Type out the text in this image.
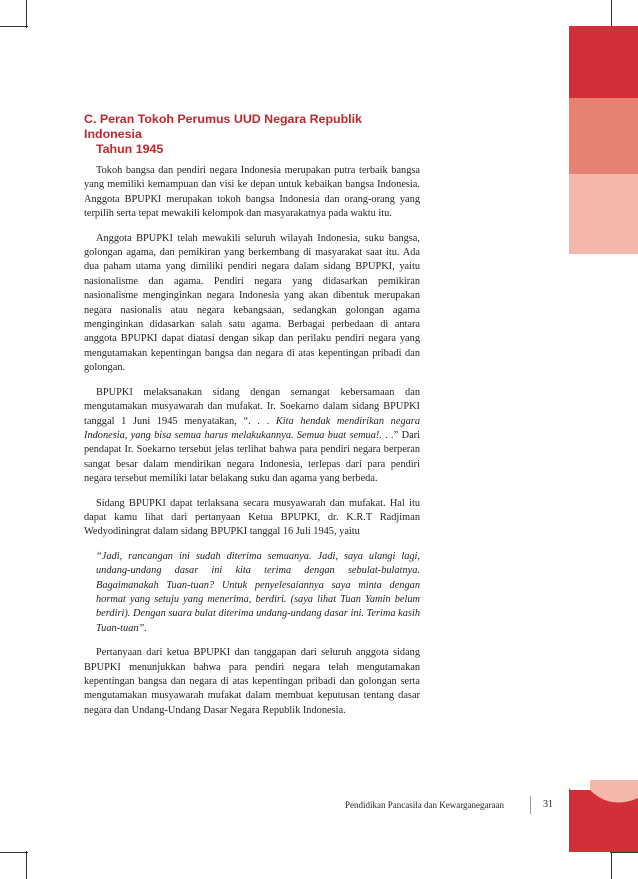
C. Peran Tokoh Perumus UUD Negara Republik Indonesia
Tahun 1945

Tokoh bangsa dan pendiri negara Indonesia merupakan putra terbaik bangsa yang memiliki kemampuan dan visi ke depan untuk kebaikan bangsa Indonesia. Anggota BPUPKI merupakan tokoh bangsa Indonesia dan orang-orang yang terpilih serta tepat mewakili kelompok dan masyarakatnya pada waktu itu.

Anggota BPUPKI telah mewakili seluruh wilayah Indonesia, suku bangsa, golongan agama, dan pemikiran yang berkembang di masyarakat saat itu. Ada dua paham utama yang dimiliki pendiri negara dalam sidang BPUPKI, yaitu nasionalisme dan agama. Pendiri negara yang didasarkan pemikiran nasionalisme menginginkan negara Indonesia yang akan dibentuk merupakan negara nasionalis atau negara kebangsaan, sedangkan golongan agama menginginkan didasarkan salah satu agama. Berbagai perbedaan di antara anggota BPUPKI dapat diatasi dengan sikap dan perilaku pendiri negara yang mengutamakan kepentingan bangsa dan negara di atas kepentingan pribadi dan golongan.

BPUPKI melaksanakan sidang dengan semangat kebersamaan dan mengutamakan musyawarah dan mufakat. Ir. Soekarno dalam sidang BPUPKI tanggal 1 Juni 1945 menyatakan, “. . . Kita hendak mendirikan negara Indonesia, yang bisa semua harus melakukannya. Semua buat semua!. . .” Dari pendapat Ir. Soekarno tersebut jelas terlihat bahwa para pendiri negara berperan sangat besar dalam mendirikan negara Indonesia, terlepas dari para pendiri negara tersebut memiliki latar belakang suku dan agama yang berbeda.

Sidang BPUPKI dapat terlaksana secara musyawarah dan mufakat. Hal itu dapat kamu lihat dari pertanyaan Ketua BPUPKI, dr. K.R.T Radjiman Wedyodiningrat dalam sidang BPUPKI tanggal 16 Juli 1945, yaitu

“Jadi, rancangan ini sudah diterima semuanya. Jadi, saya ulangi lagi, undang-undang dasar ini kita terima dengan sebulat-bulatnya. Bagaimanakah Tuan-tuan? Untuk penyelesaiannya saya minta dengan hormat yang setuju yang menerima, berdiri. (saya lihat Tuan Yamin belum berdiri). Dengan suara bulat diterima undang-undang dasar ini. Terima kasih Tuan-tuan”.

Pertanyaan dari ketua BPUPKI dan tanggapan dari seluruh anggota sidang BPUPKI menunjukkan bahwa para pendiri negara telah mengutamakan kepentingan bangsa dan negara di atas kepentingan pribadi dan golongan serta mengutamakan musyawarah mufakat dalam membuat keputusan tentang dasar negara dan Undang-Undang Dasar Negara Republik Indonesia.

Pendidikan Pancasila dan Kewarganegaraan	31
